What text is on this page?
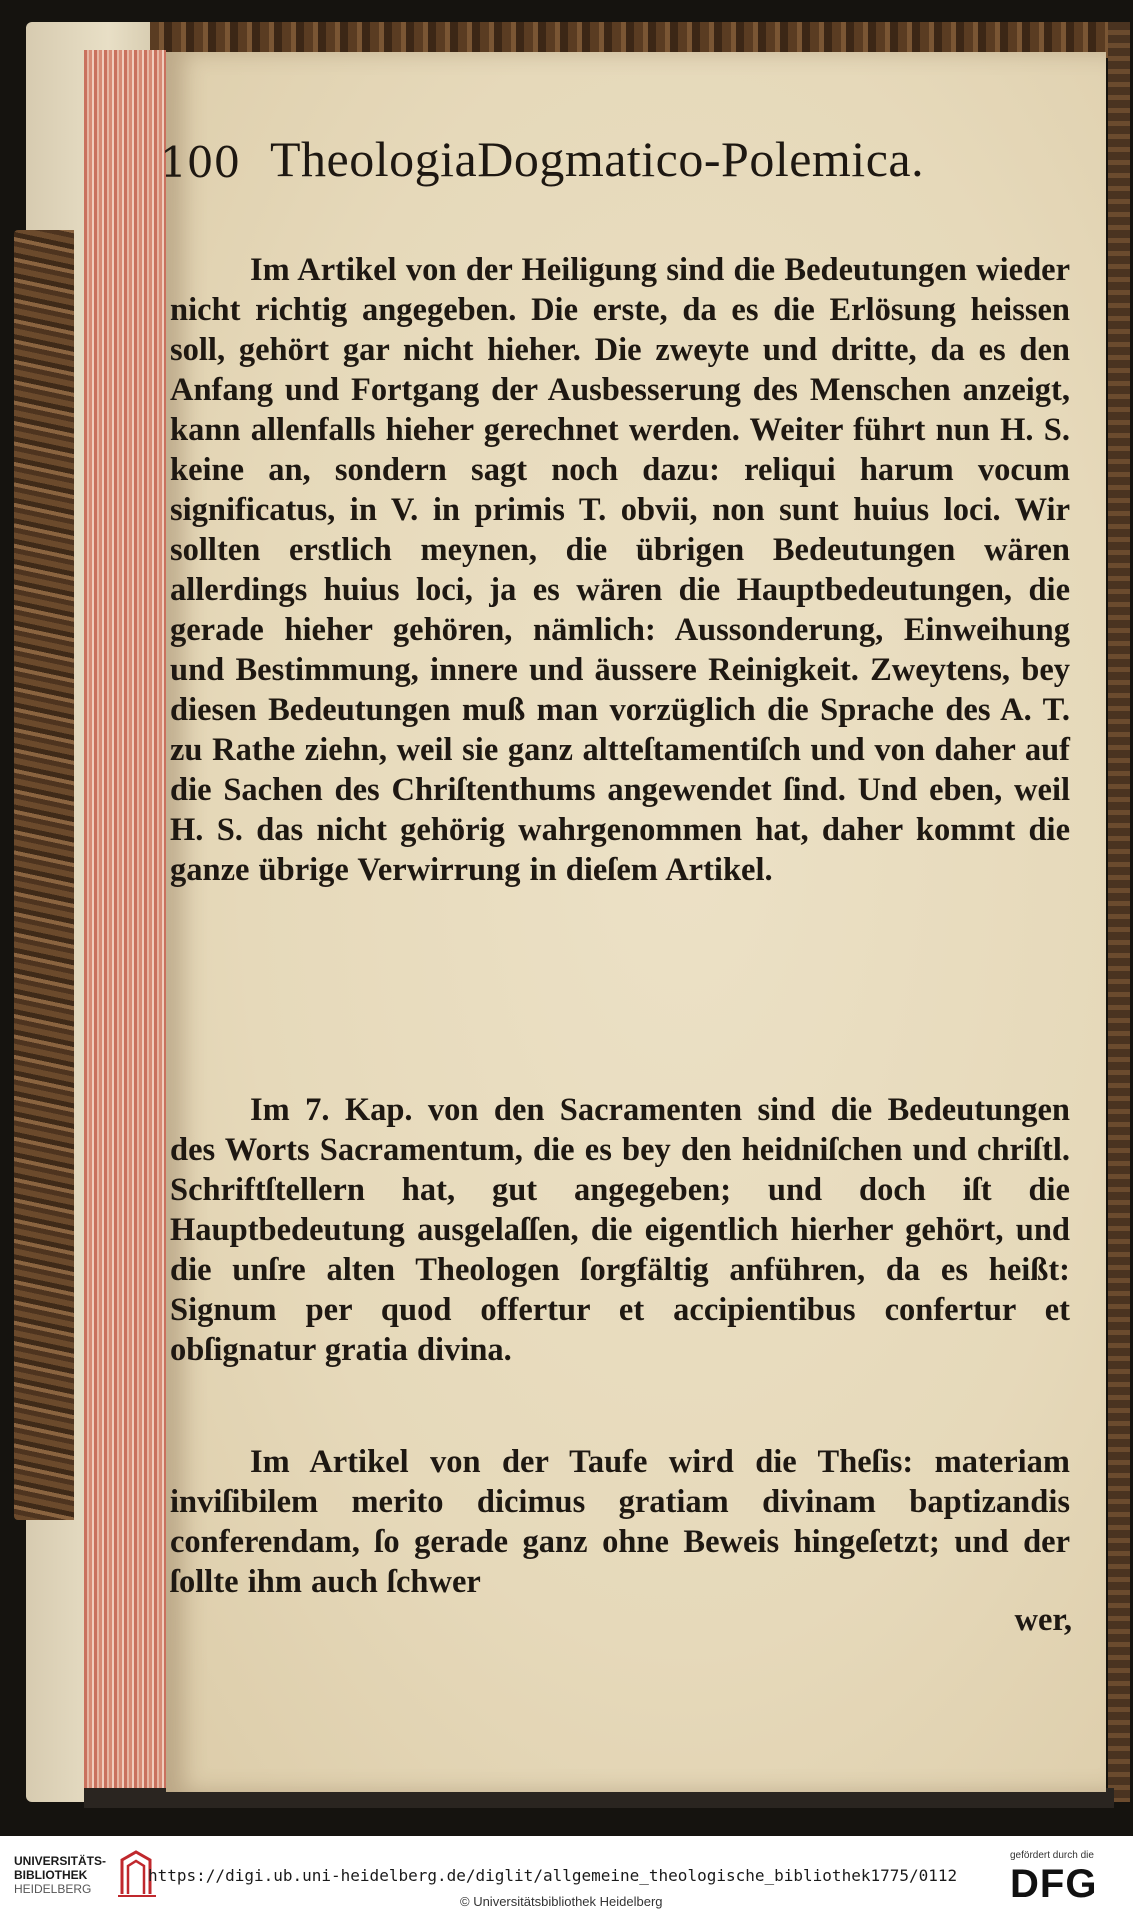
100 TheologiaDogmatico-Polemica.

Im Artikel von der Heiligung sind die Bedeutungen wieder nicht richtig angegeben. Die erste, da es die Erlösung heissen soll, gehört gar nicht hieher. Die zweyte und dritte, da es den Anfang und Fortgang der Ausbesserung des Menschen anzeigt, kann allenfalls hieher gerechnet werden. Weiter führt nun H. S. keine an, sondern sagt noch dazu: reliqui harum vocum significatus, in V. in primis T. obvii, non sunt huius loci. Wir sollten erstlich meynen, die übrigen Bedeutungen wären allerdings huius loci, ja es wären die Hauptbedeutungen, die gerade hieher gehören, nämlich: Aussonderung, Einweihung und Bestimmung, innere und äussere Reinigkeit. Zweytens, bey diesen Bedeutungen muß man vorzüglich die Sprache des A. T. zu Rathe ziehn, weil sie ganz altteſtamentiſch und von daher auf die Sachen des Chriſtenthums angewendet ſind. Und eben, weil H. S. das nicht gehörig wahrgenommen hat, daher kommt die ganze übrige Verwirrung in dieſem Artikel.

Im 7. Kap. von den Sacramenten sind die Bedeutungen des Worts Sacramentum, die es bey den heidniſchen und chriſtl. Schriftſtellern hat, gut angegeben; und doch iſt die Hauptbedeutung ausgelaſſen, die eigentlich hierher gehört, und die unſre alten Theologen ſorgfältig anführen, da es heißt: Signum per quod offertur et accipientibus confertur et obſignatur gratia divina.

Im Artikel von der Taufe wird die Theſis: materiam inviſibilem merito dicimus gratiam divinam baptizandis conferendam, ſo gerade ganz ohne Beweis hingeſetzt; und der ſollte ihm auch ſchwer

wer,
UNIVERSITÄTS-
BIBLIOTHEK
HEIDELBERG
https://digi.ub.uni-heidelberg.de/diglit/allgemeine_theologische_bibliothek1775/0112
© Universitätsbibliothek Heidelberg
gefördert durch die
DFG
